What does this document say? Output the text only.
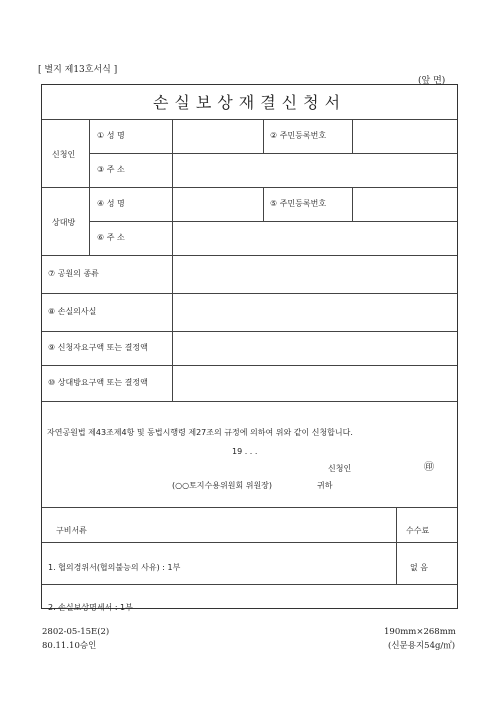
[ 별지 제13호서식 ]
(앞 면)
손실보상재결신청서
신청인
① 성 명	② 주민등록번호
③ 주 소
상대방
④ 성 명	⑤ 주민등록번호
⑥ 주 소
⑦ 공원의 종류
⑧ 손실의사실
⑨ 신청자요구액 또는 결정액
⑩ 상대방요구액 또는 결정액
자연공원법 제43조제4항 및 동법시행령 제27조의 규정에 의하여 위와 같이 신청합니다.
19 . . .
신청인	㊞
(○○토지수용위원회 위원장)	귀하
구비서류	수수료
1. 협의경위서(협의불능의 사유) : 1부	없 음
2. 손실보상명세서 : 1부
2802-05-15E(2)
80.11.10승인
190mm×268mm
(신문용지54g/㎡)
